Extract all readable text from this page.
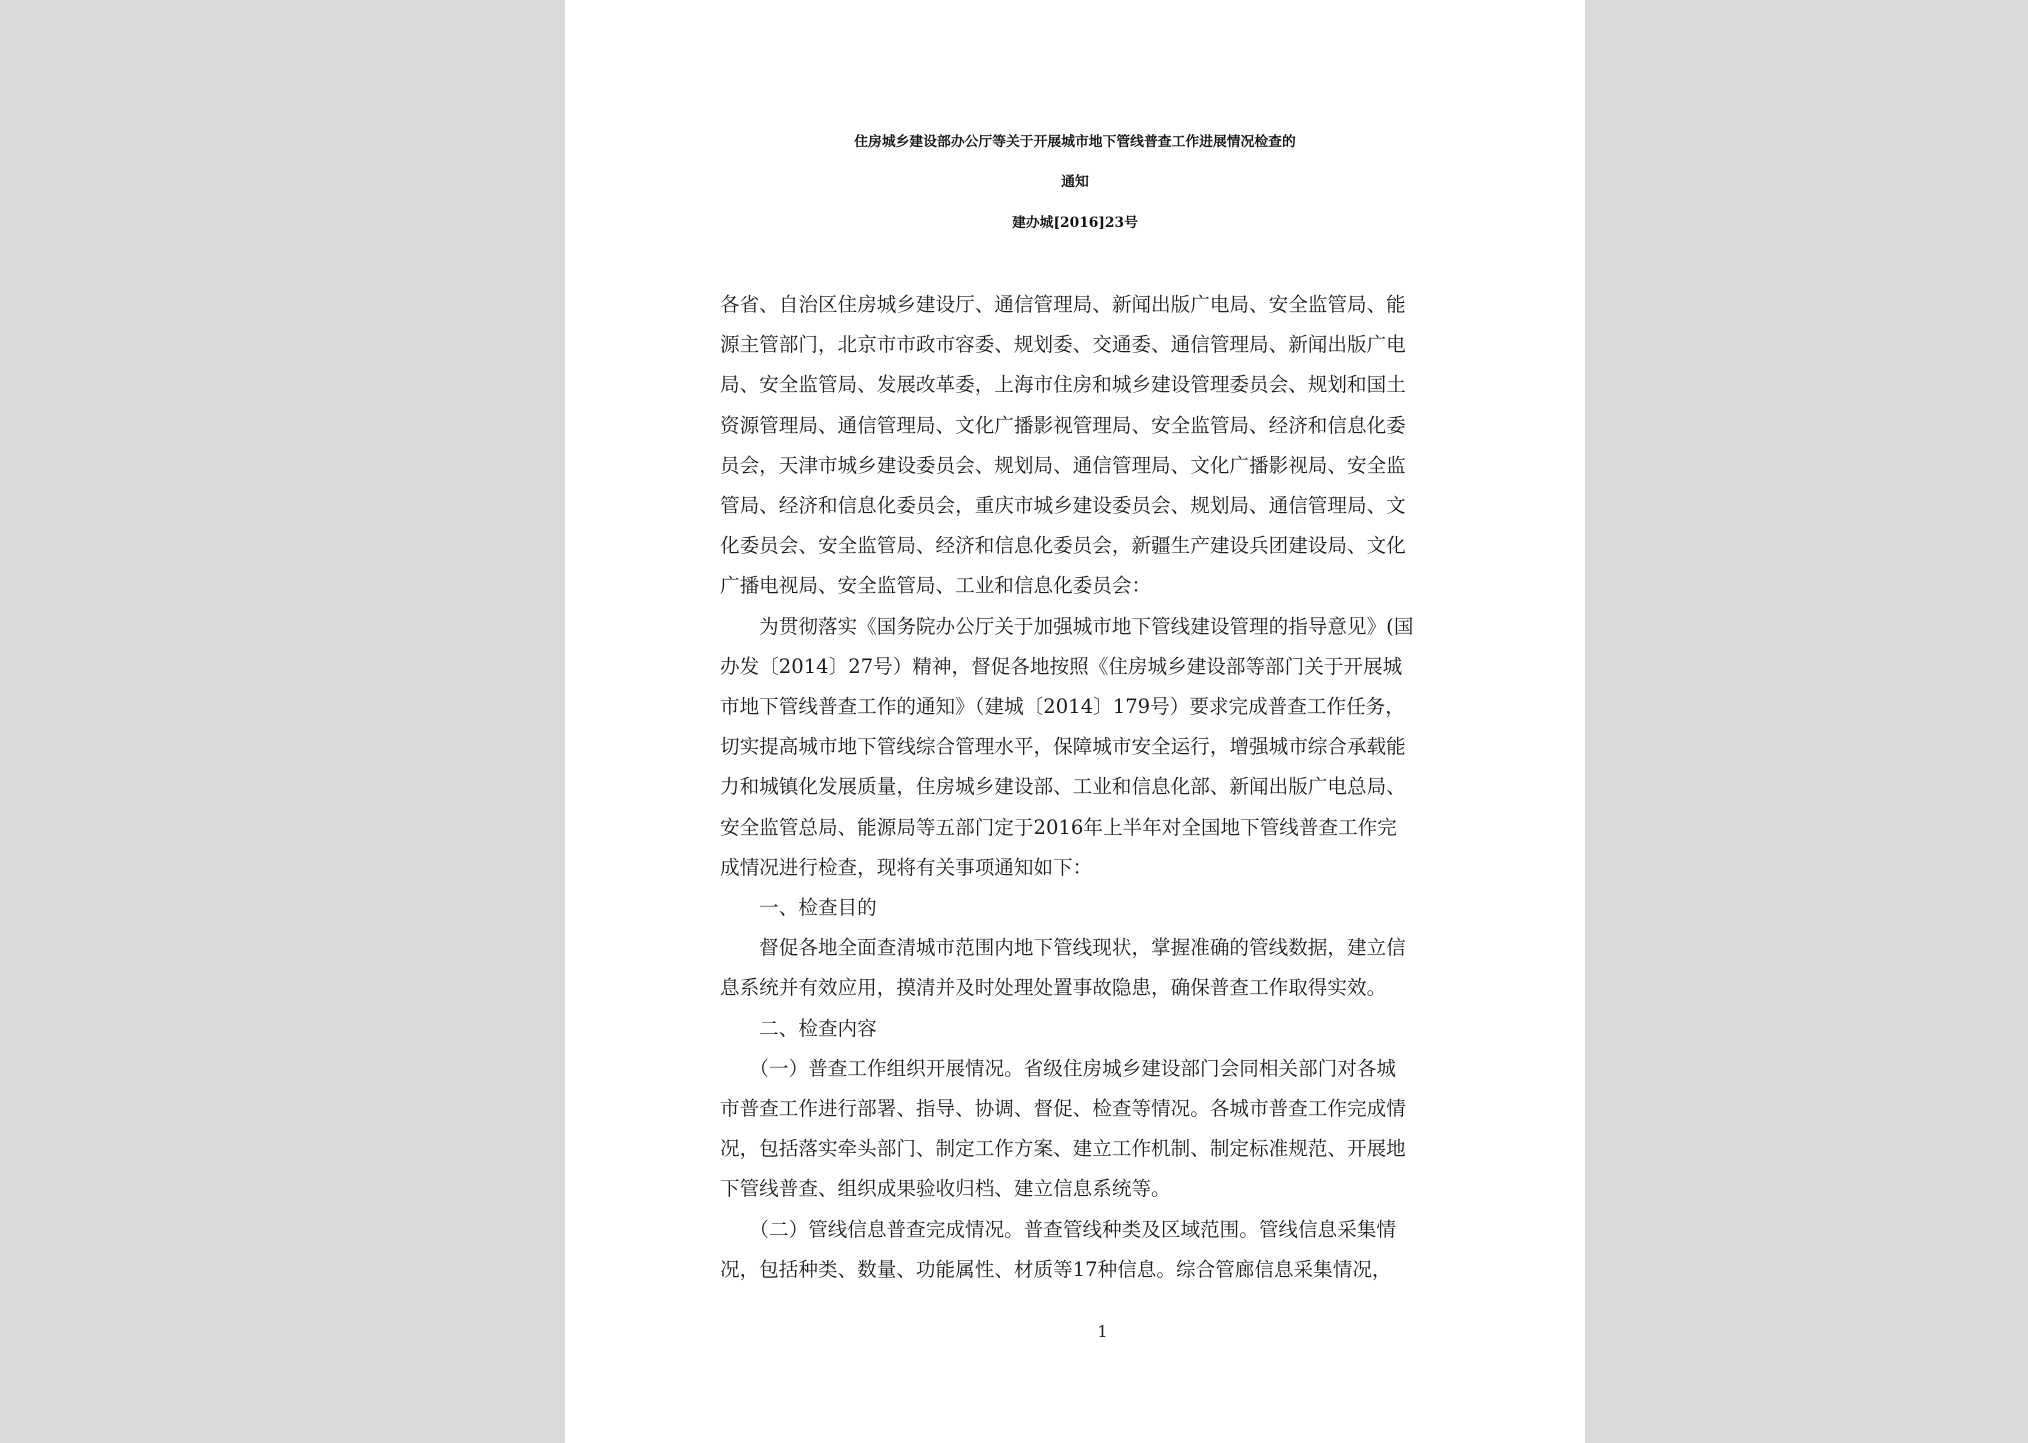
住房城乡建设部办公厅等关于开展城市地下管线普查工作进展情况检查的
通知
建办城[2016]23号
各省、自治区住房城乡建设厅、通信管理局、新闻出版广电局、安全监管局、能
源主管部门，北京市市政市容委、规划委、交通委、通信管理局、新闻出版广电
局、安全监管局、发展改革委，上海市住房和城乡建设管理委员会、规划和国土
资源管理局、通信管理局、文化广播影视管理局、安全监管局、经济和信息化委
员会，天津市城乡建设委员会、规划局、通信管理局、文化广播影视局、安全监
管局、经济和信息化委员会，重庆市城乡建设委员会、规划局、通信管理局、文
化委员会、安全监管局、经济和信息化委员会，新疆生产建设兵团建设局、文化
广播电视局、安全监管局、工业和信息化委员会：
　　为贯彻落实《国务院办公厅关于加强城市地下管线建设管理的指导意见》(国
办发〔2014〕27号）精神，督促各地按照《住房城乡建设部等部门关于开展城
市地下管线普查工作的通知》（建城〔2014〕179号）要求完成普查工作任务，
切实提高城市地下管线综合管理水平，保障城市安全运行，增强城市综合承载能
力和城镇化发展质量，住房城乡建设部、工业和信息化部、新闻出版广电总局、
安全监管总局、能源局等五部门定于2016年上半年对全国地下管线普查工作完
成情况进行检查，现将有关事项通知如下：
　　一、检查目的
　　督促各地全面查清城市范围内地下管线现状，掌握准确的管线数据，建立信
息系统并有效应用，摸清并及时处理处置事故隐患，确保普查工作取得实效。
　　二、检查内容
　　（一）普查工作组织开展情况。省级住房城乡建设部门会同相关部门对各城
市普查工作进行部署、指导、协调、督促、检查等情况。各城市普查工作完成情
况，包括落实牵头部门、制定工作方案、建立工作机制、制定标准规范、开展地
下管线普查、组织成果验收归档、建立信息系统等。
　　（二）管线信息普查完成情况。普查管线种类及区域范围。管线信息采集情
况，包括种类、数量、功能属性、材质等17种信息。综合管廊信息采集情况，
1
